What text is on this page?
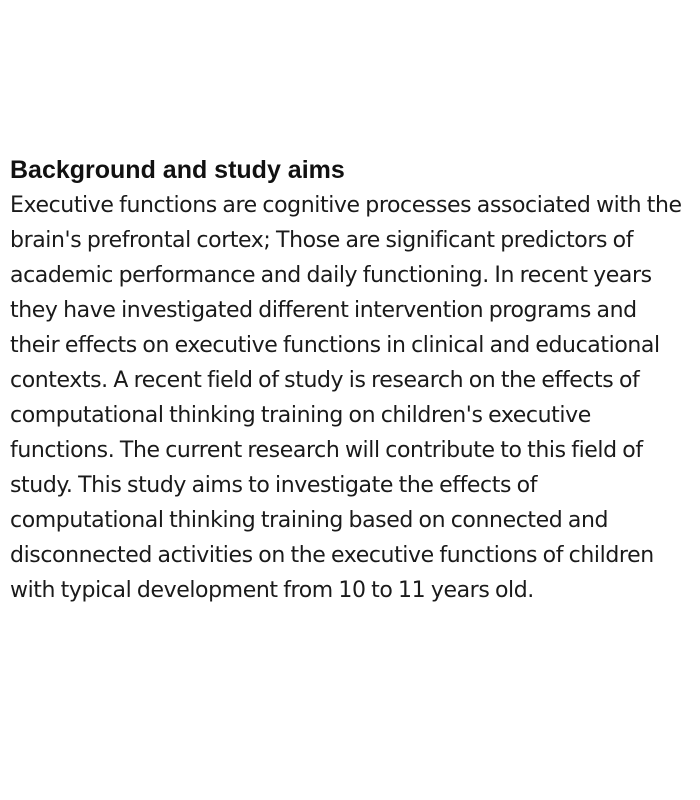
Background and study aims

Executive functions are cognitive processes associated with the brain's prefrontal cortex; Those are significant predictors of academic performance and daily functioning. In recent years they have investigated different intervention programs and their effects on executive functions in clinical and educational contexts. A recent field of study is research on the effects of computational thinking training on children's executive functions. The current research will contribute to this field of study. This study aims to investigate the effects of computational thinking training based on connected and disconnected activities on the executive functions of children with typical development from 10 to 11 years old.
